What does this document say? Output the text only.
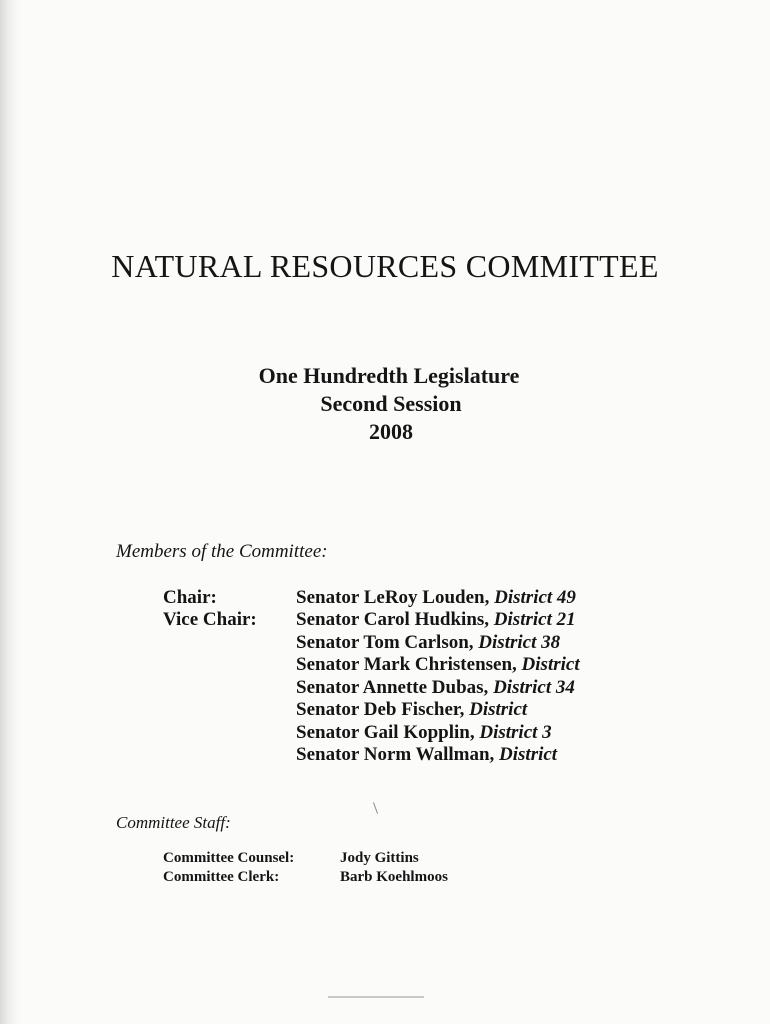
NATURAL RESOURCES COMMITTEE
One Hundredth Legislature
Second Session
2008
Members of the Committee:
Chair:
Vice Chair:
Senator LeRoy Louden, District 49
Senator Carol Hudkins, District 21
Senator Tom Carlson, District 38
Senator Mark Christensen, District
Senator Annette Dubas, District 34
Senator Deb Fischer, District
Senator Gail Kopplin, District 3
Senator Norm Wallman, District
Committee Staff:
Committee Counsel:	Jody Gittins
Committee Clerk:	Barb Koehlmoos
